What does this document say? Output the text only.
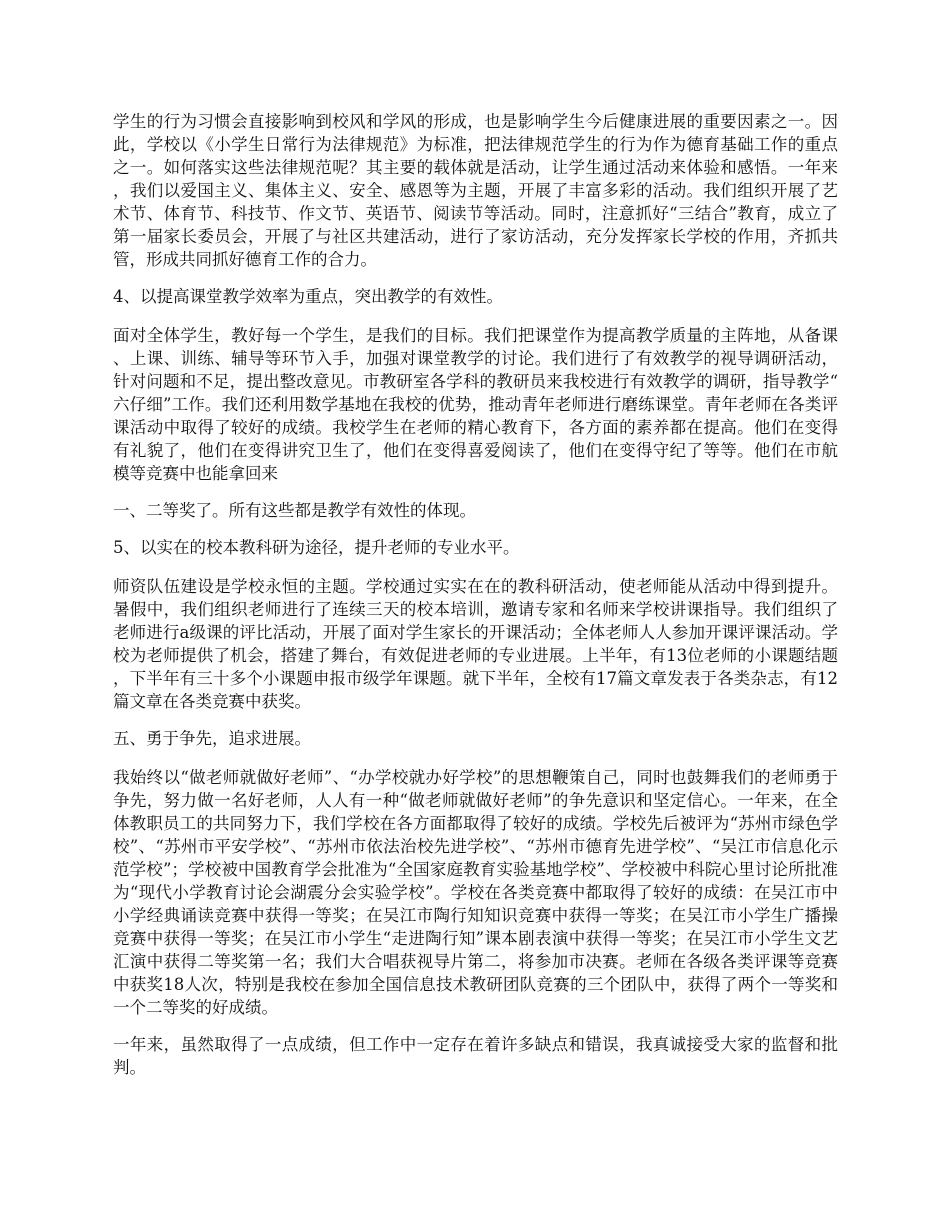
学生的行为习惯会直接影响到校风和学风的形成，也是影响学生今后健康进展的重要因素之一。因此，学校以《小学生日常行为法律规范》为标准，把法律规范学生的行为作为德育基础工作的重点之一。如何落实这些法律规范呢？其主要的载体就是活动，让学生通过活动来体验和感悟。一年来，我们以爱国主义、集体主义、安全、感恩等为主题，开展了丰富多彩的活动。我们组织开展了艺术节、体育节、科技节、作文节、英语节、阅读节等活动。同时，注意抓好“三结合”教育，成立了第一届家长委员会，开展了与社区共建活动，进行了家访活动，充分发挥家长学校的作用，齐抓共管，形成共同抓好德育工作的合力。

4、以提高课堂教学效率为重点，突出教学的有效性。

面对全体学生，教好每一个学生，是我们的目标。我们把课堂作为提高教学质量的主阵地，从备课、上课、训练、辅导等环节入手，加强对课堂教学的讨论。我们进行了有效教学的视导调研活动，针对问题和不足，提出整改意见。市教研室各学科的教研员来我校进行有效教学的调研，指导教学“六仔细”工作。我们还利用数学基地在我校的优势，推动青年老师进行磨练课堂。青年老师在各类评课活动中取得了较好的成绩。我校学生在老师的精心教育下，各方面的素养都在提高。他们在变得有礼貌了，他们在变得讲究卫生了，他们在变得喜爱阅读了，他们在变得守纪了等等。他们在市航模等竞赛中也能拿回来

一、二等奖了。所有这些都是教学有效性的体现。

5、以实在的校本教科研为途径，提升老师的专业水平。

师资队伍建设是学校永恒的主题。学校通过实实在在的教科研活动，使老师能从活动中得到提升。暑假中，我们组织老师进行了连续三天的校本培训，邀请专家和名师来学校讲课指导。我们组织了老师进行a级课的评比活动，开展了面对学生家长的开课活动；全体老师人人参加开课评课活动。学校为老师提供了机会，搭建了舞台，有效促进老师的专业进展。上半年，有13位老师的小课题结题，下半年有三十多个小课题申报市级学年课题。就下半年，全校有17篇文章发表于各类杂志，有12篇文章在各类竞赛中获奖。

五、勇于争先，追求进展。

我始终以“做老师就做好老师”、“办学校就办好学校”的思想鞭策自己，同时也鼓舞我们的老师勇于争先，努力做一名好老师，人人有一种“做老师就做好老师”的争先意识和坚定信心。一年来，在全体教职员工的共同努力下，我们学校在各方面都取得了较好的成绩。学校先后被评为“苏州市绿色学校”、“苏州市平安学校”、“苏州市依法治校先进学校”、“苏州市德育先进学校”、“吴江市信息化示范学校”；学校被中国教育学会批准为“全国家庭教育实验基地学校”、学校被中科院心里讨论所批准为“现代小学教育讨论会湖震分会实验学校”。学校在各类竞赛中都取得了较好的成绩：在吴江市中小学经典诵读竞赛中获得一等奖；在吴江市陶行知知识竞赛中获得一等奖；在吴江市小学生广播操竞赛中获得一等奖；在吴江市小学生“走进陶行知”课本剧表演中获得一等奖；在吴江市小学生文艺汇演中获得二等奖第一名；我们大合唱获视导片第二，将参加市决赛。老师在各级各类评课等竞赛中获奖18人次，特别是我校在参加全国信息技术教研团队竞赛的三个团队中，获得了两个一等奖和一个二等奖的好成绩。

一年来，虽然取得了一点成绩，但工作中一定存在着许多缺点和错误，我真诚接受大家的监督和批判。
